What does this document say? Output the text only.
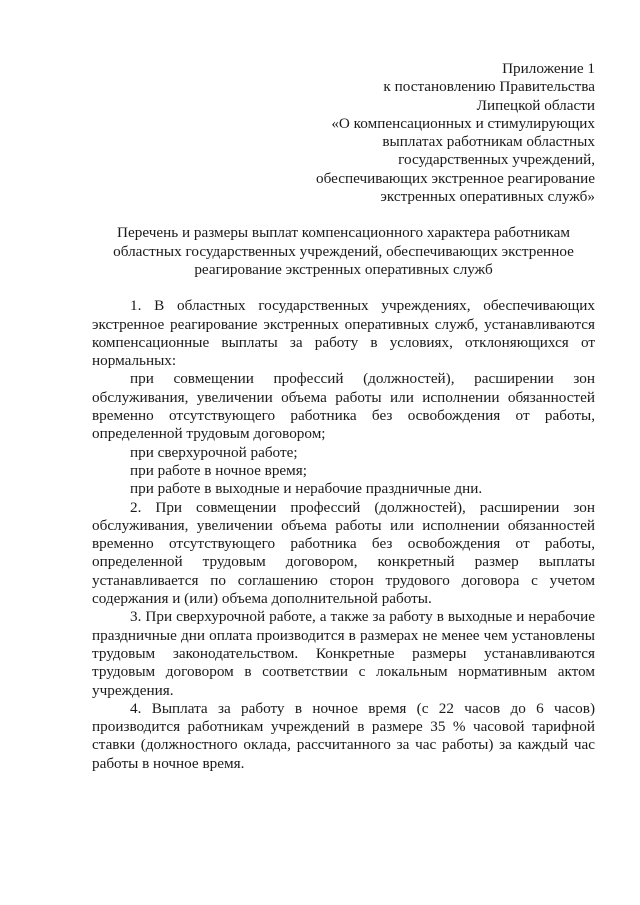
Приложение 1
к постановлению Правительства
Липецкой области
«О компенсационных и стимулирующих
выплатах работникам областных
государственных учреждений,
обеспечивающих экстренное реагирование
экстренных оперативных служб»
Перечень и размеры выплат компенсационного характера работникам
областных государственных учреждений, обеспечивающих экстренное
реагирование экстренных оперативных служб

1. В областных государственных учреждениях, обеспечивающих экстренное реагирование экстренных оперативных служб, устанавливаются компенсационные выплаты за работу в условиях, отклоняющихся от нормальных:

при совмещении профессий (должностей), расширении зон обслуживания, увеличении объема работы или исполнении обязанностей временно отсутствующего работника без освобождения от работы, определенной трудовым договором;

при сверхурочной работе;

при работе в ночное время;

при работе в выходные и нерабочие праздничные дни.

2. При совмещении профессий (должностей), расширении зон обслуживания, увеличении объема работы или исполнении обязанностей временно отсутствующего работника без освобождения от работы, определенной трудовым договором, конкретный размер выплаты устанавливается по соглашению сторон трудового договора с учетом содержания и (или) объема дополнительной работы.

3. При сверхурочной работе, а также за работу в выходные и нерабочие праздничные дни оплата производится в размерах не менее чем установлены трудовым законодательством. Конкретные размеры устанавливаются трудовым договором в соответствии с локальным нормативным актом учреждения.

4. Выплата за работу в ночное время (с 22 часов до 6 часов) производится работникам учреждений в размере 35 % часовой тарифной ставки (должностного оклада, рассчитанного за час работы) за каждый час работы в ночное время.
